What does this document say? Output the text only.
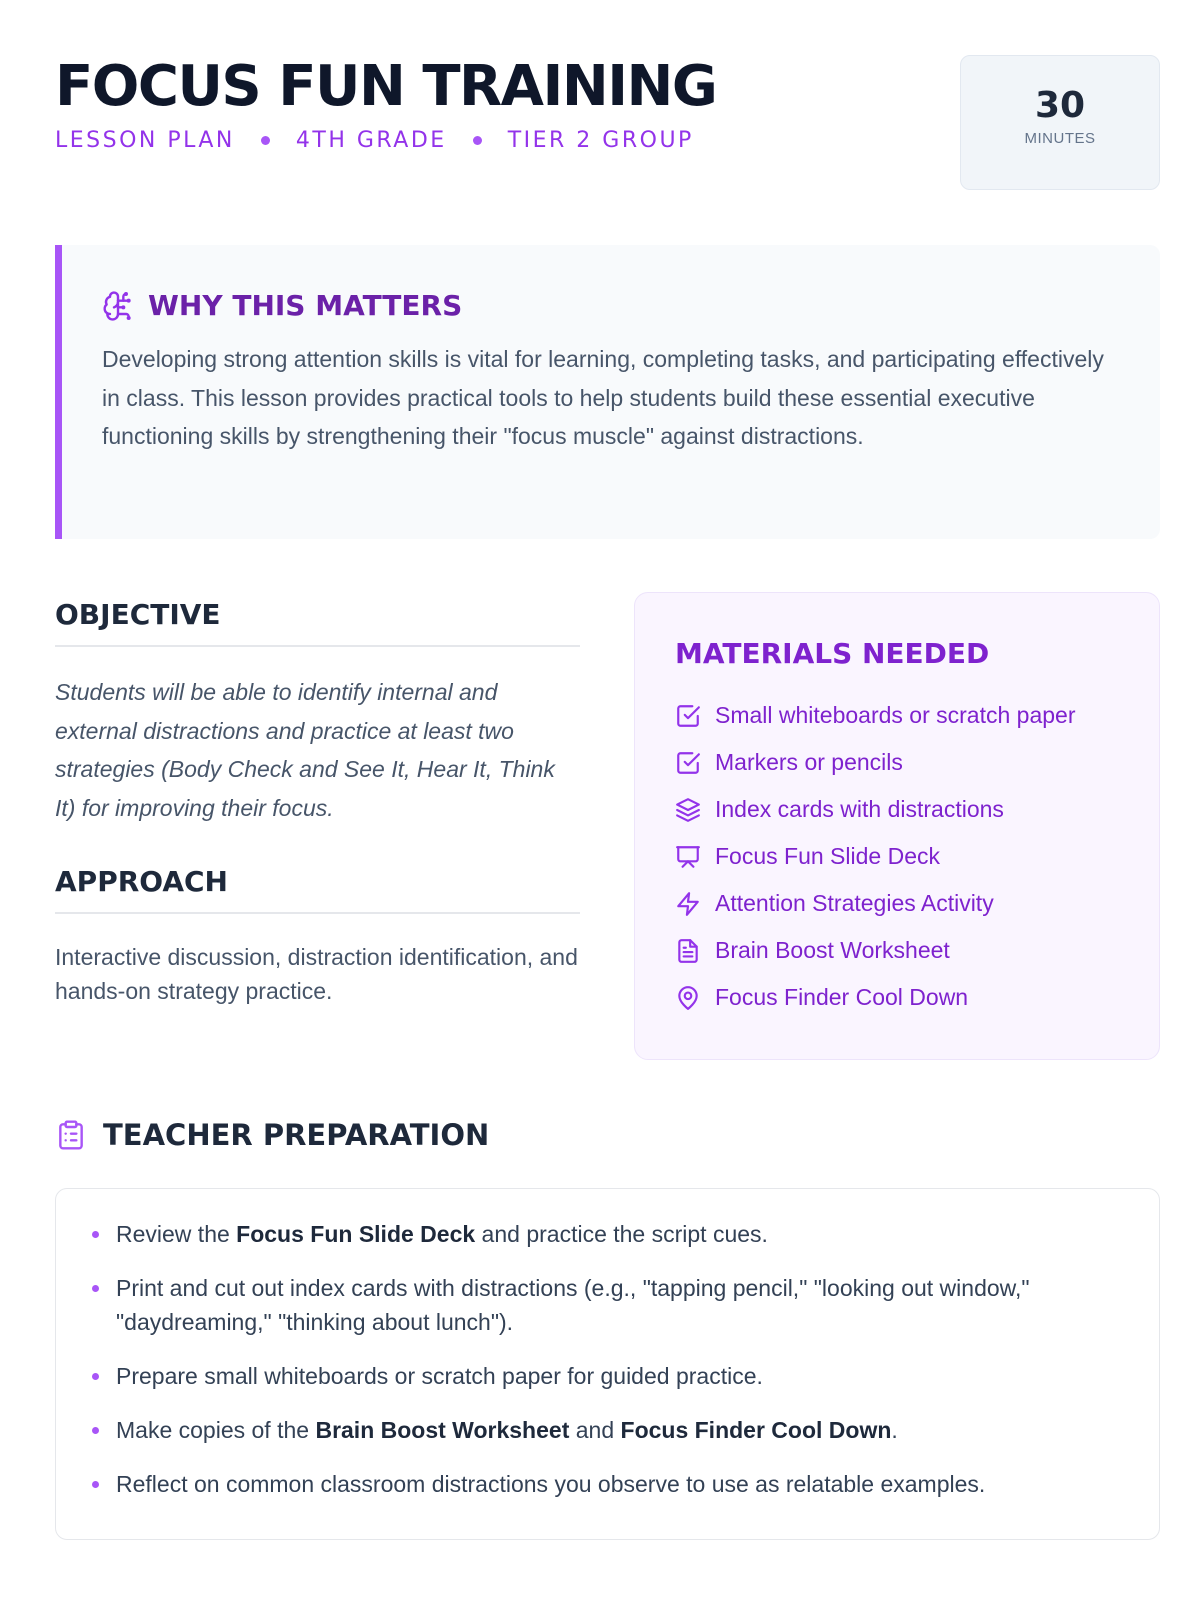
FOCUS FUN TRAINING
LESSON PLAN	4TH GRADE	TIER 2 GROUP
30
MINUTES
WHY THIS MATTERS

Developing strong attention skills is vital for learning, completing tasks, and participating effectively in class. This lesson provides practical tools to help students build these essential executive functioning skills by strengthening their "focus muscle" against distractions.

OBJECTIVE

Students will be able to identify internal and external distractions and practice at least two strategies (Body Check and See It, Hear It, Think It) for improving their focus.

APPROACH

Interactive discussion, distraction identification, and hands-on strategy practice.

MATERIALS NEEDED
Small whiteboards or scratch paper
Markers or pencils
Index cards with distractions
Focus Fun Slide Deck
Attention Strategies Activity
Brain Boost Worksheet
Focus Finder Cool Down
TEACHER PREPARATION
Review the Focus Fun Slide Deck and practice the script cues.
Print and cut out index cards with distractions (e.g., "tapping pencil," "looking out window," "daydreaming," "thinking about lunch").
Prepare small whiteboards or scratch paper for guided practice.
Make copies of the Brain Boost Worksheet and Focus Finder Cool Down.
Reflect on common classroom distractions you observe to use as relatable examples.
